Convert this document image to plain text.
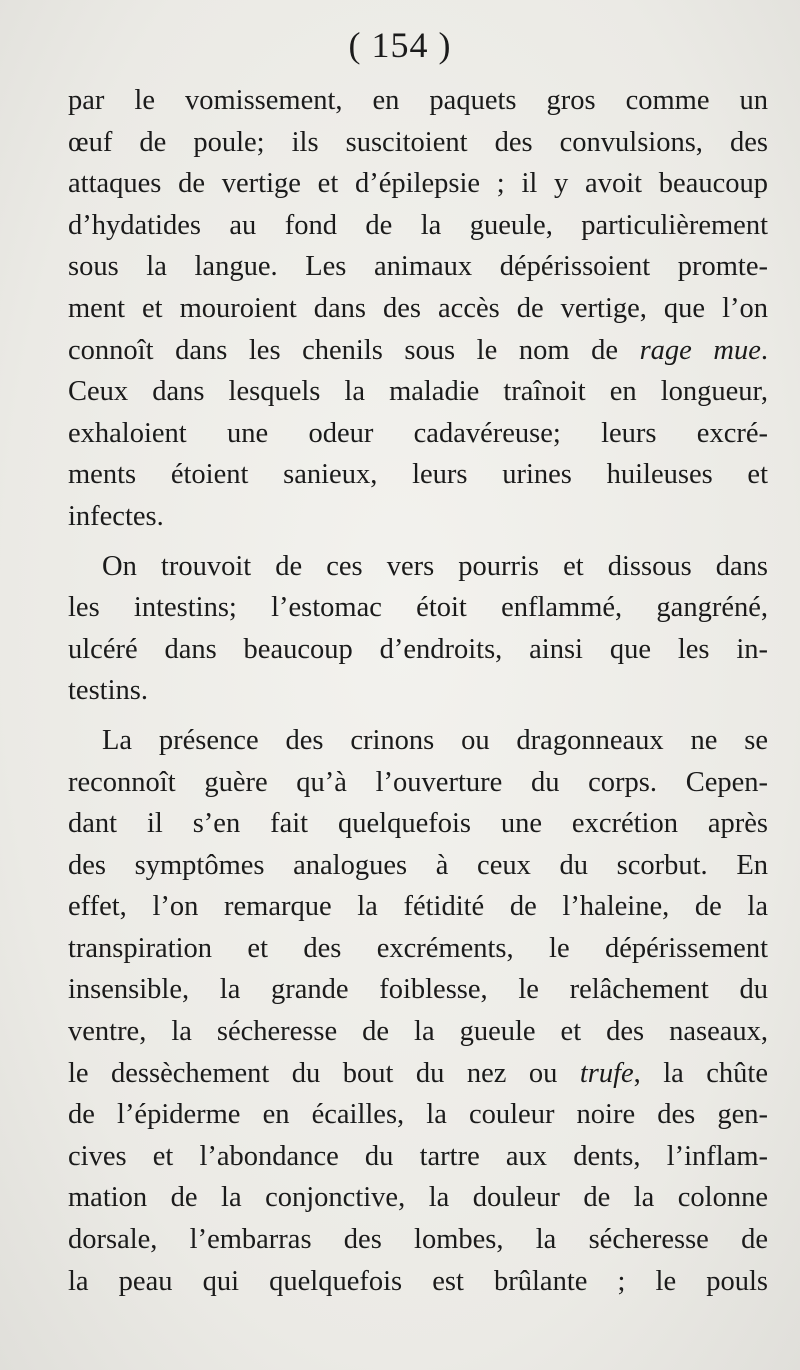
( 154 )

par le vomissement, en paquets gros comme un
œuf de poule; ils suscitoient des convulsions, des
attaques de vertige et d’épilepsie ; il y avoit beaucoup
d’hydatides au fond de la gueule, particulièrement
sous la langue. Les animaux dépérissoient promte-
ment et mouroient dans des accès de vertige, que l’on
connoît dans les chenils sous le nom de rage mue.
Ceux dans lesquels la maladie traînoit en longueur,
exhaloient une odeur cadavéreuse; leurs excré-
ments étoient sanieux, leurs urines huileuses et
infectes.

On trouvoit de ces vers pourris et dissous dans
les intestins; l’estomac étoit enflammé, gangréné,
ulcéré dans beaucoup d’endroits, ainsi que les in-
testins.

La présence des crinons ou dragonneaux ne se
reconnoît guère qu’à l’ouverture du corps. Cepen-
dant il s’en fait quelquefois une excrétion après
des symptômes analogues à ceux du scorbut. En
effet, l’on remarque la fétidité de l’haleine, de la
transpiration et des excréments, le dépérissement
insensible, la grande foiblesse, le relâchement du
ventre, la sécheresse de la gueule et des naseaux,
le dessèchement du bout du nez ou trufe, la chûte
de l’épiderme en écailles, la couleur noire des gen-
cives et l’abondance du tartre aux dents, l’inflam-
mation de la conjonctive, la douleur de la colonne
dorsale, l’embarras des lombes, la sécheresse de
la peau qui quelquefois est brûlante ; le pouls
